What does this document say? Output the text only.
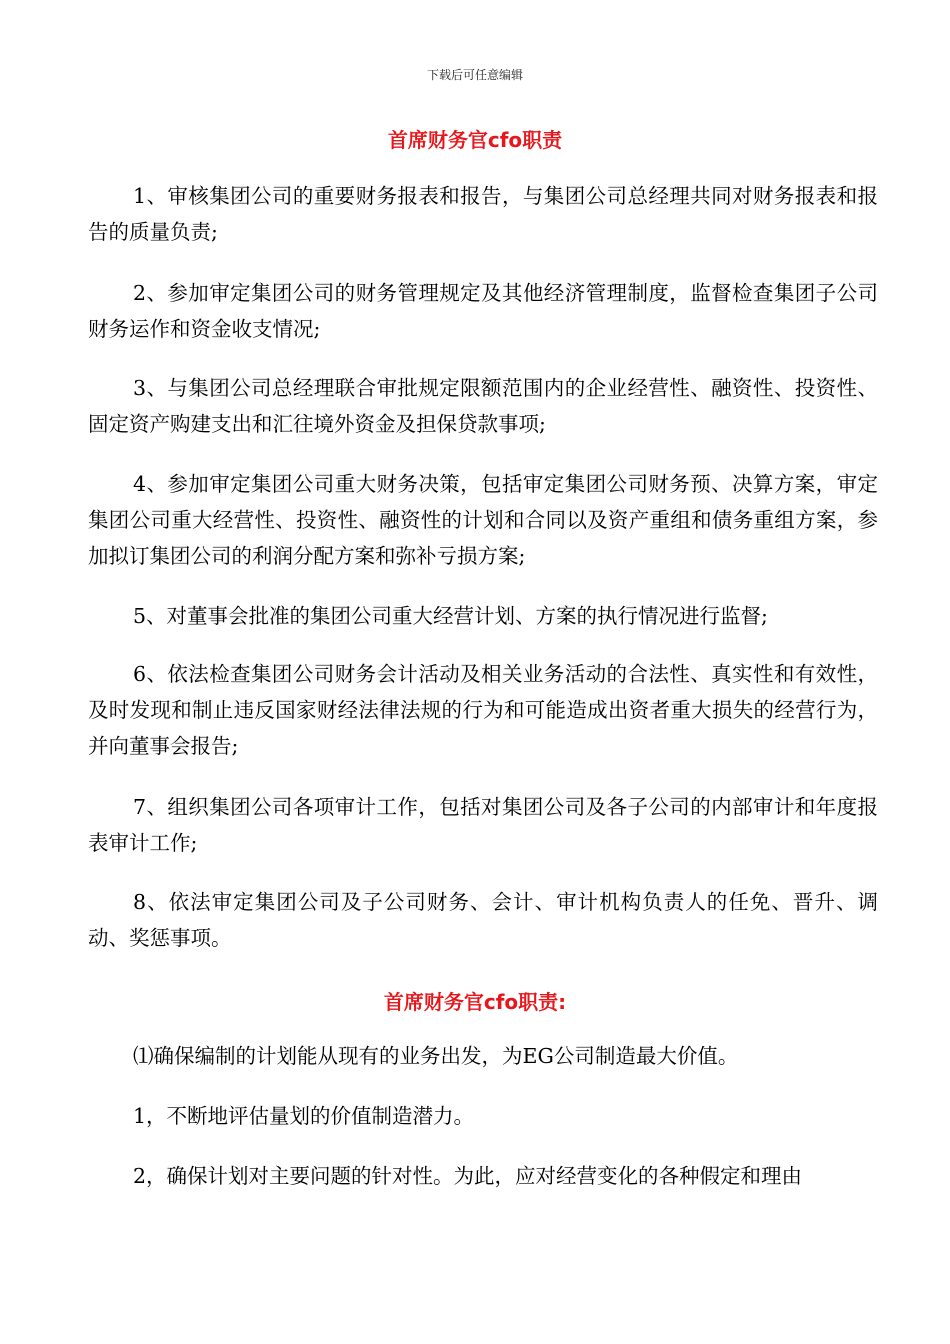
下载后可任意编辑
首席财务官cfo职责
1、审核集团公司的重要财务报表和报告，与集团公司总经理共同对财务报表和报告的质量负责;
2、参加审定集团公司的财务管理规定及其他经济管理制度，监督检查集团子公司财务运作和资金收支情况;
3、与集团公司总经理联合审批规定限额范围内的企业经营性、融资性、投资性、固定资产购建支出和汇往境外资金及担保贷款事项;
4、参加审定集团公司重大财务决策，包括审定集团公司财务预、决算方案，审定集团公司重大经营性、投资性、融资性的计划和合同以及资产重组和债务重组方案，参加拟订集团公司的利润分配方案和弥补亏损方案;
5、对董事会批准的集团公司重大经营计划、方案的执行情况进行监督;
6、依法检查集团公司财务会计活动及相关业务活动的合法性、真实性和有效性，及时发现和制止违反国家财经法律法规的行为和可能造成出资者重大损失的经营行为，并向董事会报告;
7、组织集团公司各项审计工作，包括对集团公司及各子公司的内部审计和年度报表审计工作;
8、依法审定集团公司及子公司财务、会计、审计机构负责人的任免、晋升、调动、奖惩事项。
首席财务官cfo职责:
⑴确保编制的计划能从现有的业务出发，为EG公司制造最大价值。
1，不断地评估量划的价值制造潜力。
2，确保计划对主要问题的针对性。为此，应对经营变化的各种假定和理由
